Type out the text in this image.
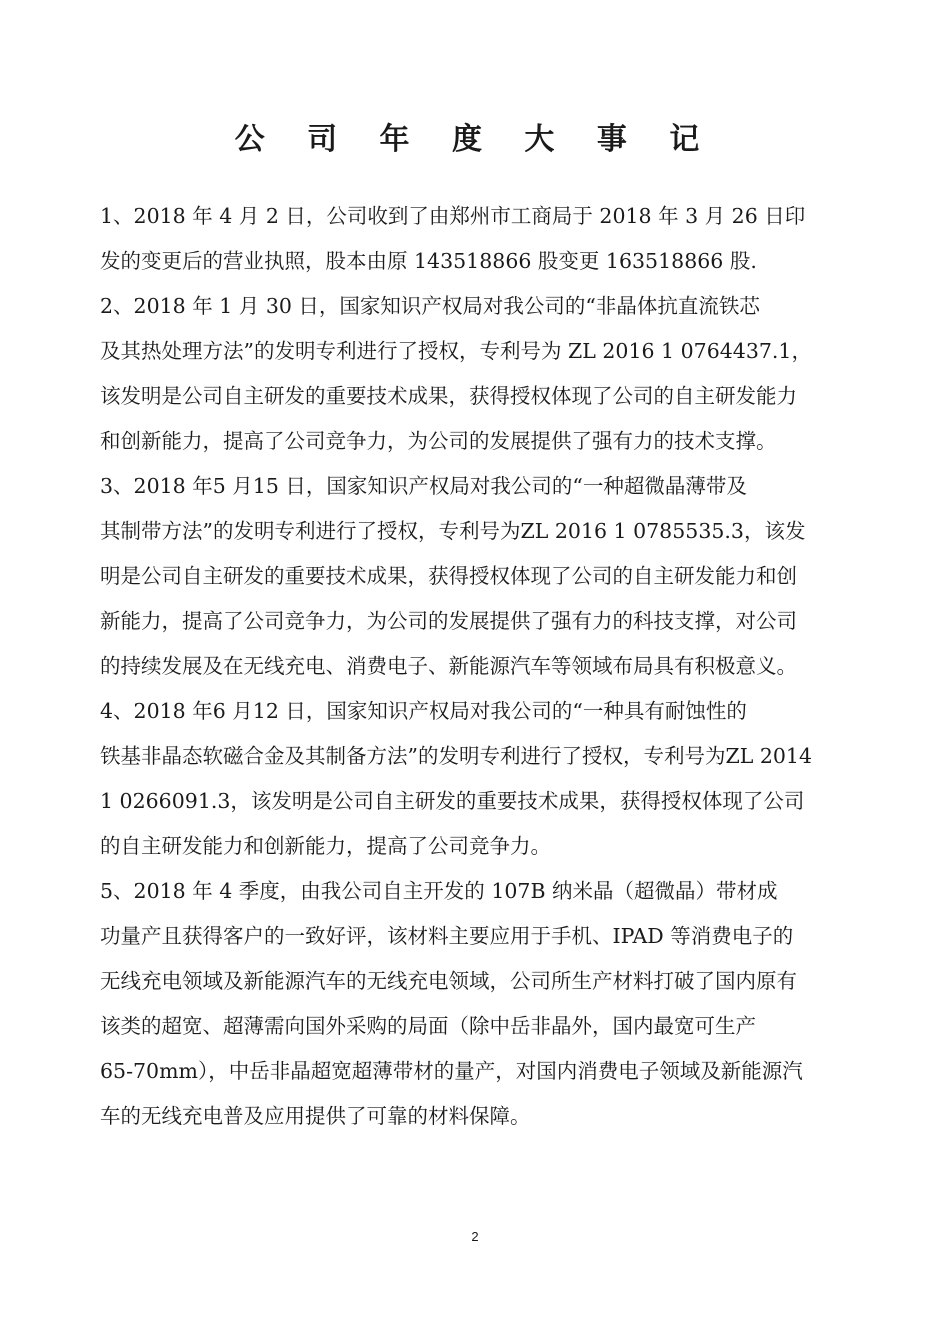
公 司 年 度 大 事 记

1、2018 年 4 月 2 日，公司收到了由郑州市工商局于 2018 年 3 月 26 日印
发的变更后的营业执照，股本由原 143518866 股变更 163518866 股.

2、2018 年 1 月 30 日，国家知识产权局对我公司的“非晶体抗直流铁芯
及其热处理方法”的发明专利进行了授权，专利号为 ZL 2016 1 0764437.1，
该发明是公司自主研发的重要技术成果，获得授权体现了公司的自主研发能力
和创新能力，提高了公司竞争力，为公司的发展提供了强有力的技术支撑。

3、2018 年5 月15 日，国家知识产权局对我公司的“一种超微晶薄带及
其制带方法”的发明专利进行了授权，专利号为ZL 2016 1 0785535.3，该发
明是公司自主研发的重要技术成果，获得授权体现了公司的自主研发能力和创
新能力，提高了公司竞争力，为公司的发展提供了强有力的科技支撑，对公司
的持续发展及在无线充电、消费电子、新能源汽车等领域布局具有积极意义。

4、2018 年6 月12 日，国家知识产权局对我公司的“一种具有耐蚀性的
铁基非晶态软磁合金及其制备方法”的发明专利进行了授权，专利号为ZL 2014
1 0266091.3，该发明是公司自主研发的重要技术成果，获得授权体现了公司
的自主研发能力和创新能力，提高了公司竞争力。

5、2018 年 4 季度，由我公司自主开发的 107B 纳米晶（超微晶）带材成
功量产且获得客户的一致好评，该材料主要应用于手机、IPAD 等消费电子的
无线充电领域及新能源汽车的无线充电领域，公司所生产材料打破了国内原有
该类的超宽、超薄需向国外采购的局面（除中岳非晶外，国内最宽可生产
65-70mm），中岳非晶超宽超薄带材的量产，对国内消费电子领域及新能源汽
车的无线充电普及应用提供了可靠的材料保障。

2
